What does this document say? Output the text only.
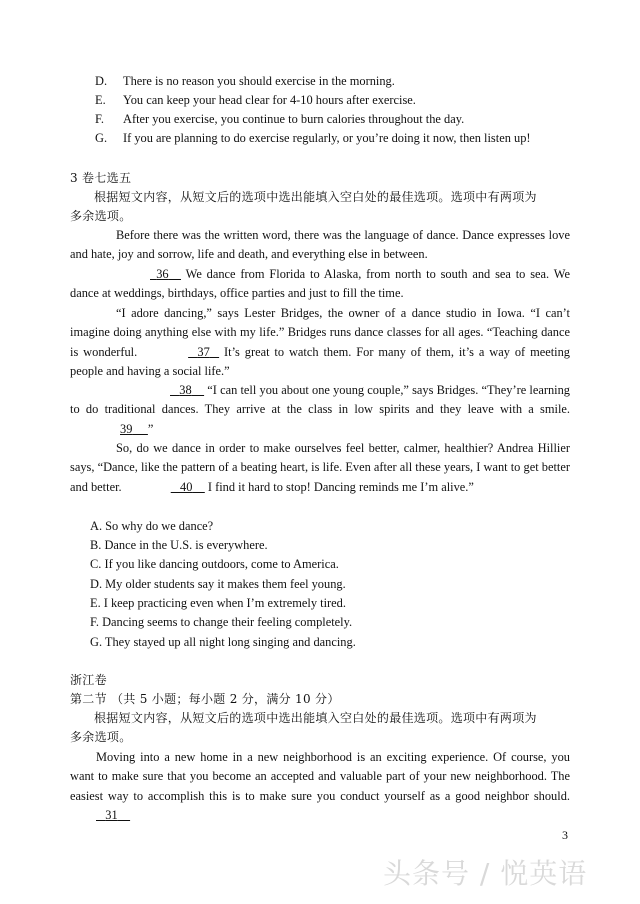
D. There is no reason you should exercise in the morning.
E. You can keep your head clear for 4-10 hours after exercise.
F. After you exercise, you continue to burn calories throughout the day.
G. If you are planning to do exercise regularly, or you’re doing it now, then listen up!
3 卷七选五
根据短文内容，从短文后的选项中选出能填入空白处的最佳选项。选项中有两项为
多余选项。
Before there was the written word, there was the language of dance. Dance expresses love and hate, joy and sorrow, life and death, and everything else in between.
36     We dance from Florida to Alaska, from north to south and sea to sea. We dance at weddings, birthdays, office parties and just to fill the time.
“I adore dancing,” says Lester Bridges, the owner of a dance studio in Iowa. “I can’t imagine doing anything else with my life.” Bridges runs dance classes for all ages. “Teaching dance is wonderful.	37    It’s great to watch them. For many of them, it’s a way of meeting people and having a social life.”
38     “I can tell you about one young couple,” says Bridges. “They’re learning to do traditional dances. They arrive at the class in low spirits and they leave with a smile. 39 ”
So, do we dance in order to make ourselves feel better, calmer, healthier? Andrea Hillier says, “Dance, like the pattern of a beating heart, is life. Even after all these years, I want to get better and better.	40     I find it hard to stop! Dancing reminds me I’m alive.”
A. So why do we dance?
B. Dance in the U.S. is everywhere.
C. If you like dancing outdoors, come to America.
D. My older students say it makes them feel young.
E. I keep practicing even when I’m extremely tired.
F. Dancing seems to change their feeling completely.
G. They stayed up all night long singing and dancing.
浙江卷
第二节 （共 5 小题；每小题 2 分，满分 10 分）
根据短文内容，从短文后的选项中选出能填入空白处的最佳选项。选项中有两项为
多余选项。
Moving into a new home in a new neighborhood is an exciting experience. Of course, you want to make sure that you become an accepted and valuable part of your new neighborhood. The easiest way to accomplish this is to make sure you conduct yourself as a good neighbor should.    31
3
头条号 / 悦英语
